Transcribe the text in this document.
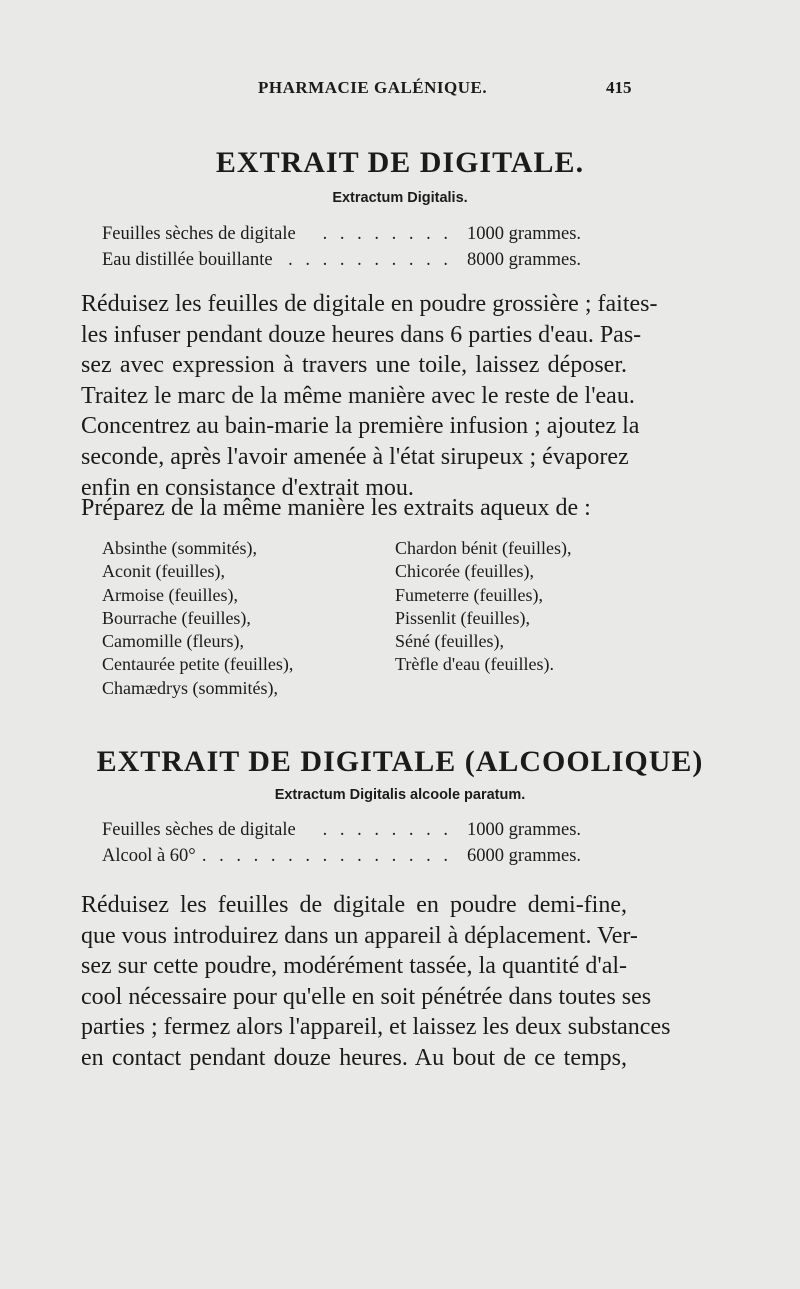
PHARMACIE GALÉNIQUE.	415
EXTRAIT DE DIGITALE.
Extractum Digitalis.
Feuilles sèches de digitale . . . . . . . . 1000 grammes.
Eau distillée bouillante . . . . . . . . . . 8000 grammes.
Réduisez les feuilles de digitale en poudre grossière ; faites-
les infuser pendant douze heures dans 6 parties d'eau. Pas-
sez avec expression à travers une toile, laissez déposer.
Traitez le marc de la même manière avec le reste de l'eau.
Concentrez au bain-marie la première infusion ; ajoutez la
seconde, après l'avoir amenée à l'état sirupeux ; évaporez
enfin en consistance d'extrait mou.
Préparez de la même manière les extraits aqueux de :
Absinthe (sommités),
Aconit (feuilles),
Armoise (feuilles),
Bourrache (feuilles),
Camomille (fleurs),
Centaurée petite (feuilles),
Chamædrys (sommités),
Chardon bénit (feuilles),
Chicorée (feuilles),
Fumeterre (feuilles),
Pissenlit (feuilles),
Séné (feuilles),
Trèfle d'eau (feuilles).
EXTRAIT DE DIGITALE (ALCOOLIQUE)
Extractum Digitalis alcoole paratum.
Feuilles sèches de digitale . . . . . . . . 1000 grammes.
Alcool à 60° . . . . . . . . . . . . . . . 6000 grammes.
Réduisez les feuilles de digitale en poudre demi-fine,
que vous introduirez dans un appareil à déplacement. Ver-
sez sur cette poudre, modérément tassée, la quantité d'al-
cool nécessaire pour qu'elle en soit pénétrée dans toutes ses
parties ; fermez alors l'appareil, et laissez les deux substances
en contact pendant douze heures. Au bout de ce temps,
